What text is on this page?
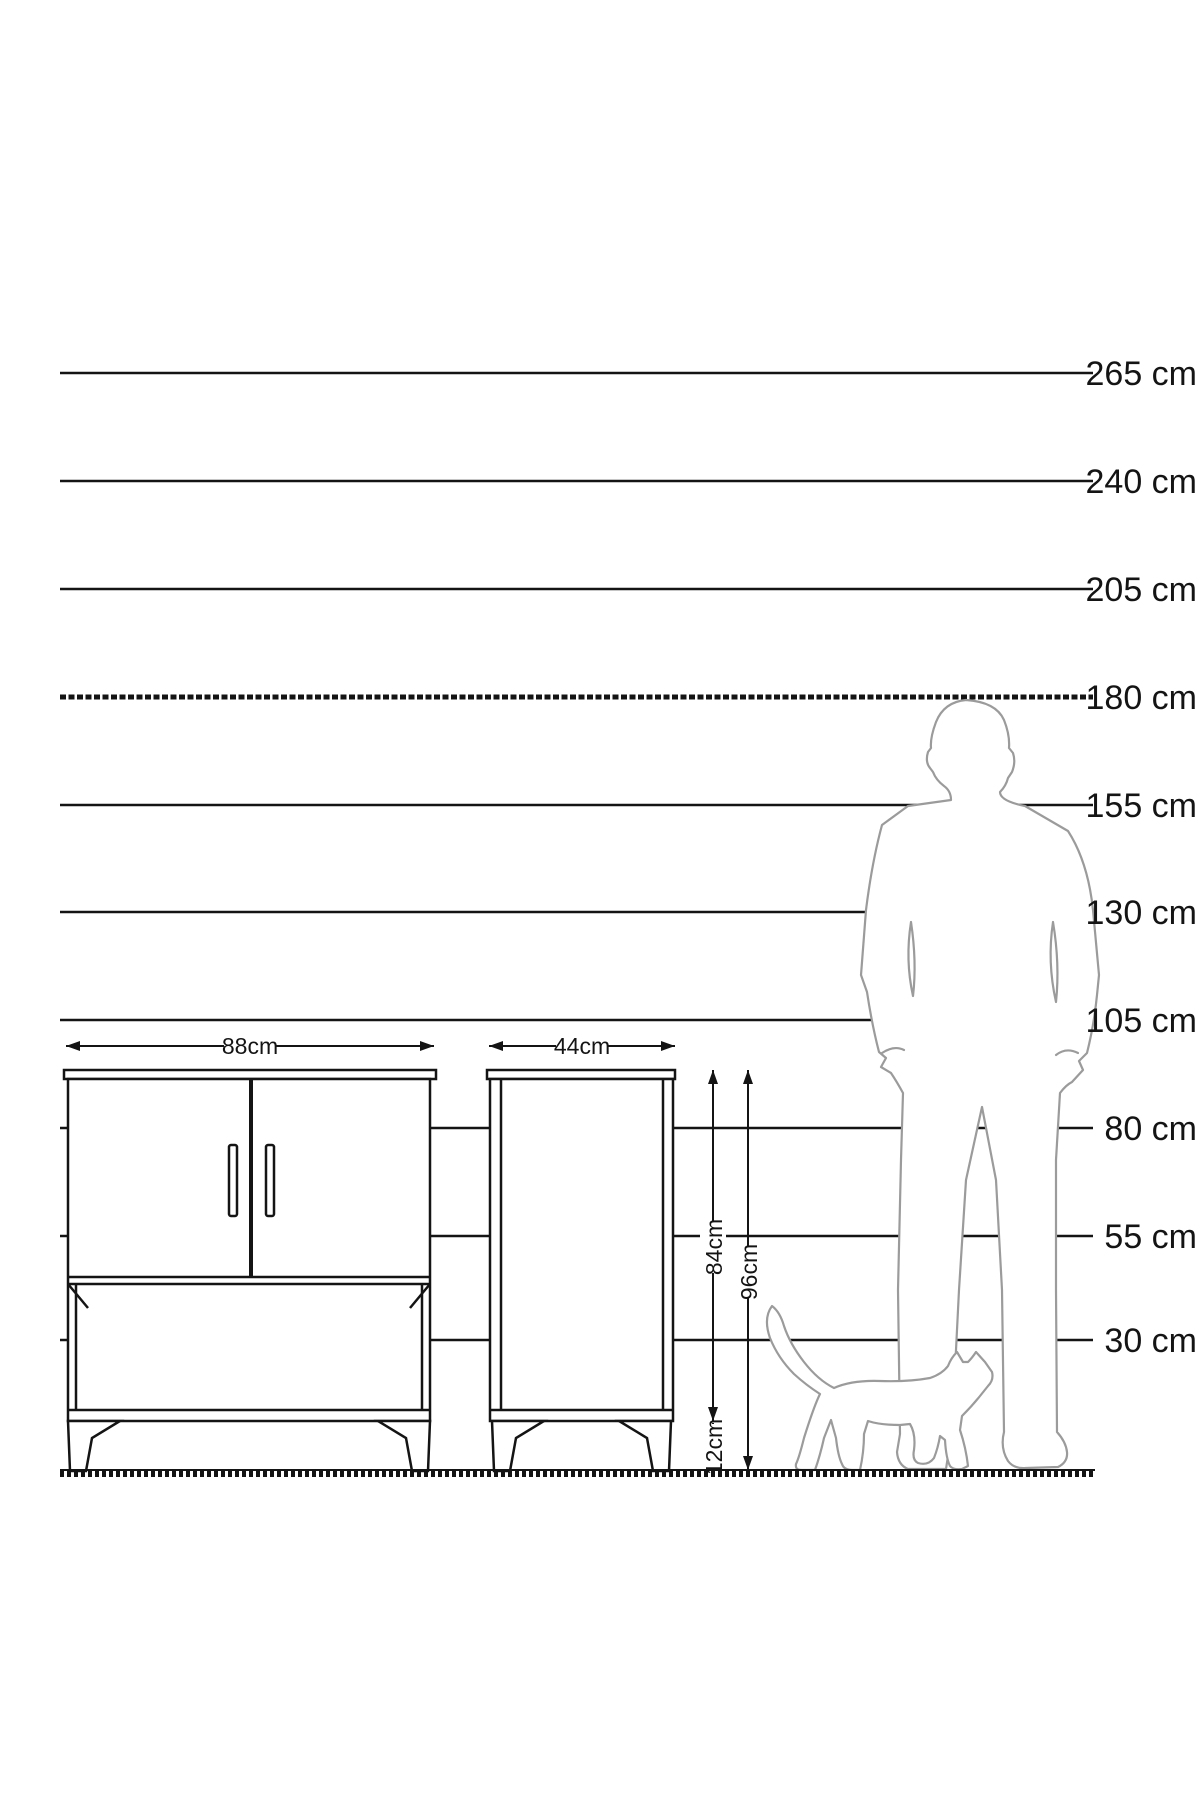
88cm	44cm
84cm 96cm
12cm
265 cm
240 cm
205 cm
180 cm
155 cm
130 cm
105 cm
80 cm
55 cm
30 cm
